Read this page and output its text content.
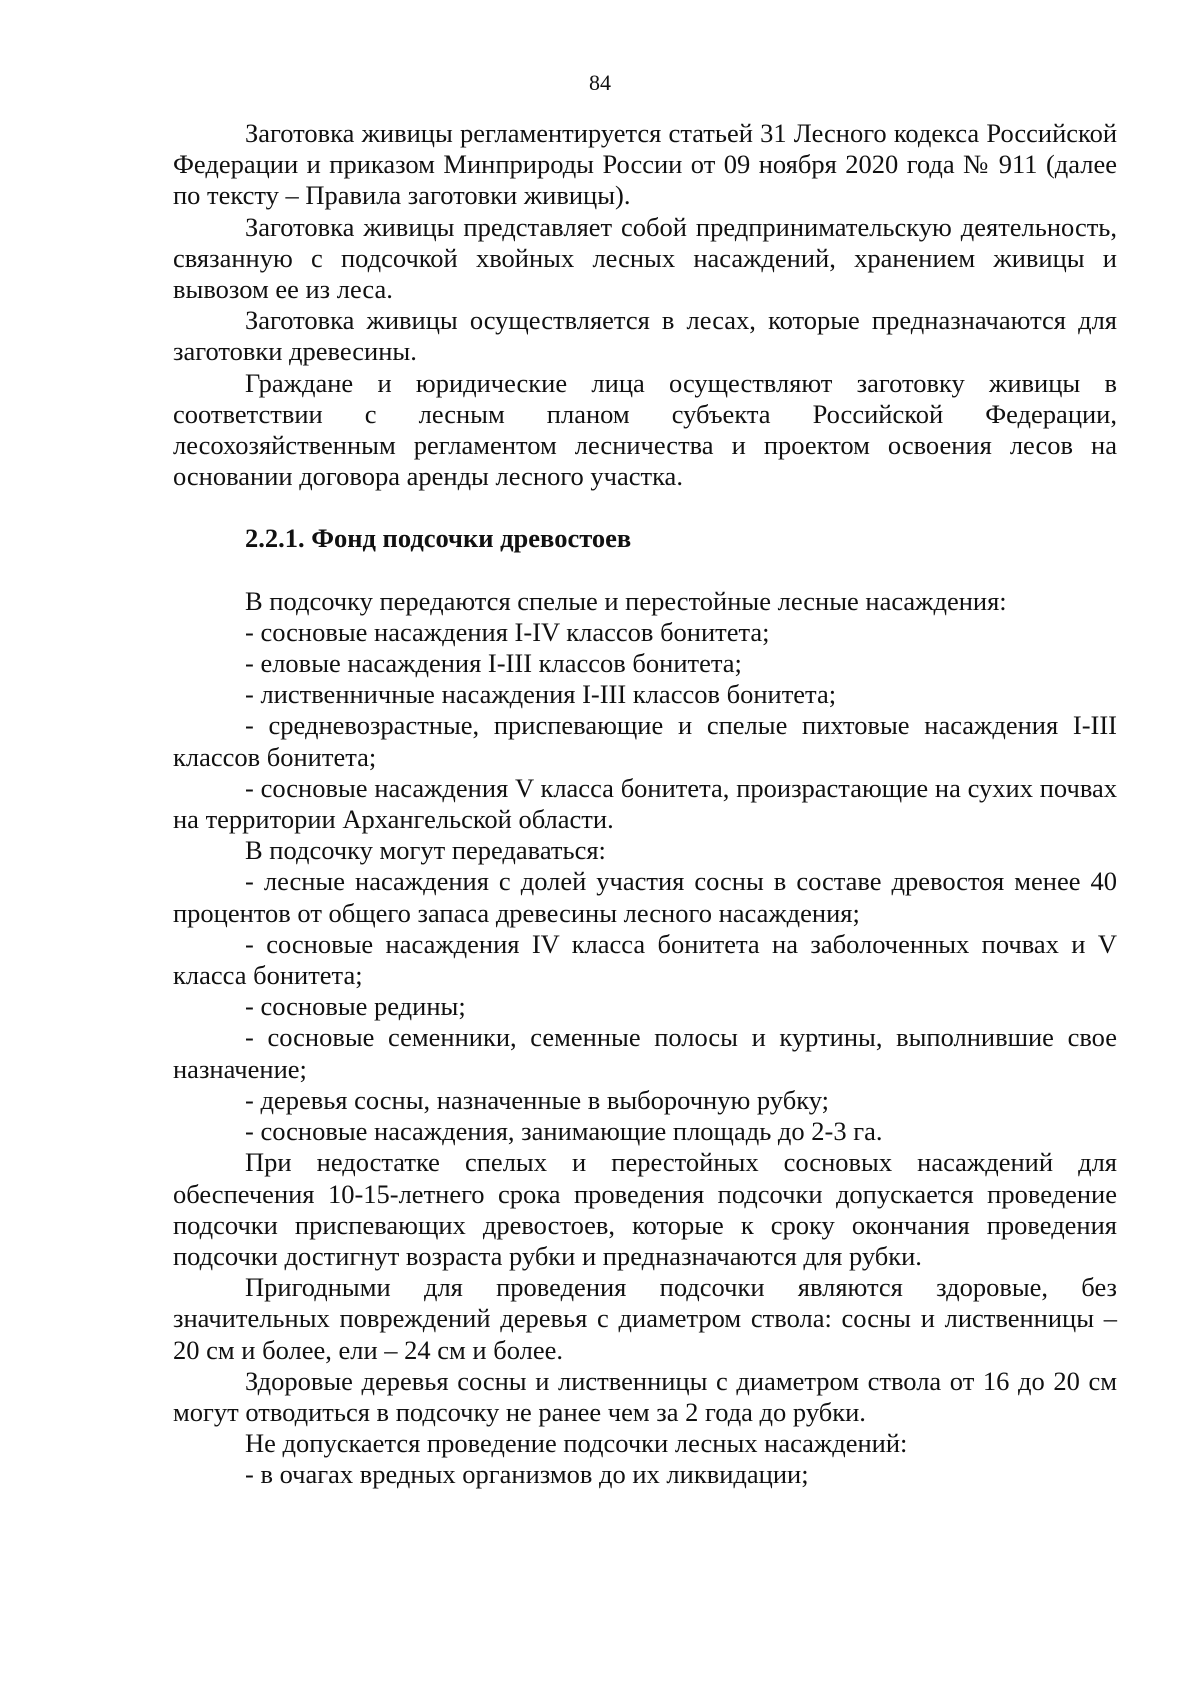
84

Заготовка живицы регламентируется статьей 31 Лесного кодекса Российской Федерации и приказом Минприроды России от 09 ноября 2020 года № 911 (далее по тексту – Правила заготовки живицы).

Заготовка живицы представляет собой предпринимательскую деятельность, связанную с подсочкой хвойных лесных насаждений, хранением живицы и вывозом ее из леса.

Заготовка живицы осуществляется в лесах, которые предназначаются для заготовки древесины.

Граждане и юридические лица осуществляют заготовку живицы в соответствии с лесным планом субъекта Российской Федерации, лесохозяйственным регламентом лесничества и проектом освоения лесов на основании договора аренды лесного участка.

2.2.1. Фонд подсочки древостоев

В подсочку передаются спелые и перестойные лесные насаждения:

- сосновые насаждения I-IV классов бонитета;

- еловые насаждения I-III классов бонитета;

- лиственничные насаждения I-III классов бонитета;

- средневозрастные, приспевающие и спелые пихтовые насаждения I-III классов бонитета;

- сосновые насаждения V класса бонитета, произрастающие на сухих почвах на территории Архангельской области.

В подсочку могут передаваться:

- лесные насаждения с долей участия сосны в составе древостоя менее 40 процентов от общего запаса древесины лесного насаждения;

- сосновые насаждения IV класса бонитета на заболоченных почвах и V класса бонитета;

- сосновые редины;

- сосновые семенники, семенные полосы и куртины, выполнившие свое назначение;

- деревья сосны, назначенные в выборочную рубку;

- сосновые насаждения, занимающие площадь до 2-3 га.

При недостатке спелых и перестойных сосновых насаждений для обеспечения 10-15-летнего срока проведения подсочки допускается проведение подсочки приспевающих древостоев, которые к сроку окончания проведения подсочки достигнут возраста рубки и предназначаются для рубки.

Пригодными для проведения подсочки являются здоровые, без значительных повреждений деревья с диаметром ствола: сосны и лиственницы – 20 см и более, ели – 24 см и более.

Здоровые деревья сосны и лиственницы с диаметром ствола от 16 до 20 см могут отводиться в подсочку не ранее чем за 2 года до рубки.

Не допускается проведение подсочки лесных насаждений:

- в очагах вредных организмов до их ликвидации;
